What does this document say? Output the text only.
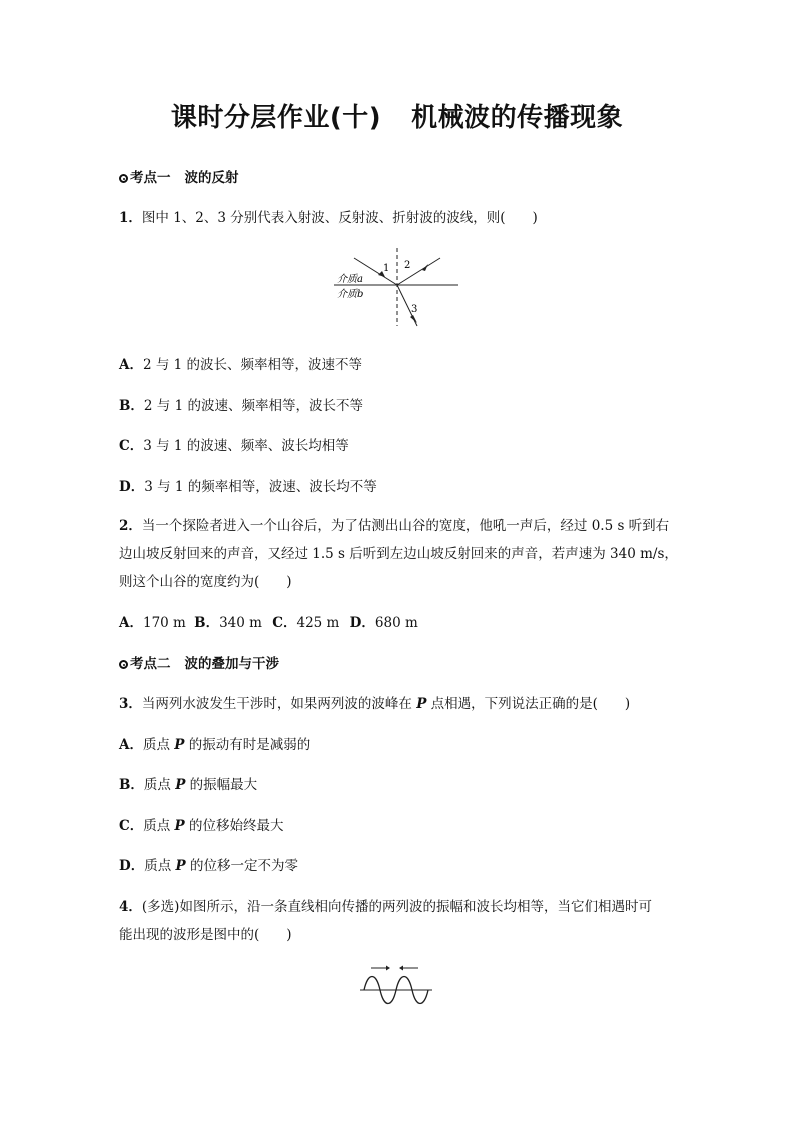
课时分层作业(十) 机械波的传播现象
考点一 波的反射
1．图中 1、2、3 分别代表入射波、反射波、折射波的波线，则(　　)
1 2
3
介质a
介质b
A．2 与 1 的波长、频率相等，波速不等
B．2 与 1 的波速、频率相等，波长不等
C．3 与 1 的波速、频率、波长均相等
D．3 与 1 的频率相等，波速、波长均不等
2．当一个探险者进入一个山谷后，为了估测出山谷的宽度，他吼一声后，经过 0.5 s 听到右
边山坡反射回来的声音，又经过 1.5 s 后听到左边山坡反射回来的声音，若声速为 340 m/s，
则这个山谷的宽度约为(　　)
A．170 m B．340 m C．425 m D．680 m
考点二 波的叠加与干涉
3．当两列水波发生干涉时，如果两列波的波峰在 P 点相遇，下列说法正确的是(　　)
A．质点 P 的振动有时是减弱的
B．质点 P 的振幅最大
C．质点 P 的位移始终最大
D．质点 P 的位移一定不为零
4．(多选)如图所示，沿一条直线相向传播的两列波的振幅和波长均相等，当它们相遇时可
能出现的波形是图中的(　　)
